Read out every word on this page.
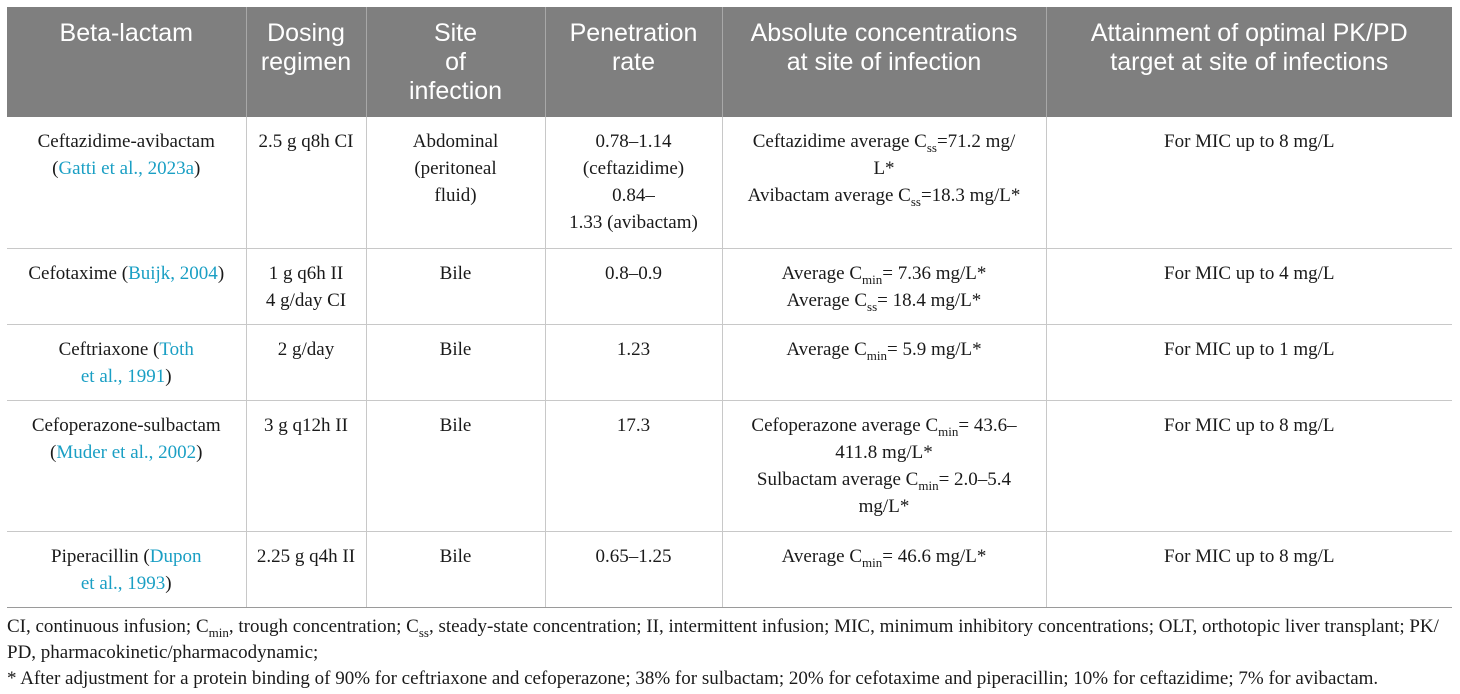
Beta-lactam	Dosing
regimen	Site
of
infection	Penetration
rate	Absolute concentrations
at site of infection	Attainment of optimal PK/PD
target at site of infections

Ceftazidime-avibactam
(Gatti et al., 2023a)	2.5 g q8h CI	Abdominal
(peritoneal
fluid)	0.78–1.14
(ceftazidime)
0.84–
1.33 (avibactam)	Ceftazidime average $C_{ss}=71.2$ mg/
L*
Avibactam average $C_{ss}=18.3$ mg/L*	For MIC up to 8 mg/L

Cefotaxime (Buijk, 2004)	1 g q6h II
4 g/day CI	Bile	0.8–0.9	Average $C_{min}= 7.36$ mg/L*
Average $C_{ss}= 18.4$ mg/L*	For MIC up to 4 mg/L

Ceftriaxone (Toth
et al., 1991)	2 g/day	Bile	1.23	Average $C_{min}= 5.9$ mg/L*	For MIC up to 1 mg/L

Cefoperazone-sulbactam
(Muder et al., 2002)	3 g q12h II	Bile	17.3	Cefoperazone average $C_{min}= 43.6-$
411.8 mg/L*
Sulbactam average $C_{min}= 2.0-5.4$
mg/L*	For MIC up to 8 mg/L

Piperacillin (Dupon
et al., 1993)	2.25 g q4h II	Bile	0.65–1.25	Average $C_{min}= 46.6$ mg/L*	For MIC up to 8 mg/L

CI, continuous infusion; $C_{min}$, trough concentration; $C_{ss}$, steady-state concentration; II, intermittent infusion; MIC, minimum inhibitory concentrations; OLT, orthotopic liver transplant; PK/

PD, pharmacokinetic/pharmacodynamic;

* After adjustment for a protein binding of 90% for ceftriaxone and cefoperazone; 38% for sulbactam; 20% for cefotaxime and piperacillin; 10% for ceftazidime; 7% for avibactam.
